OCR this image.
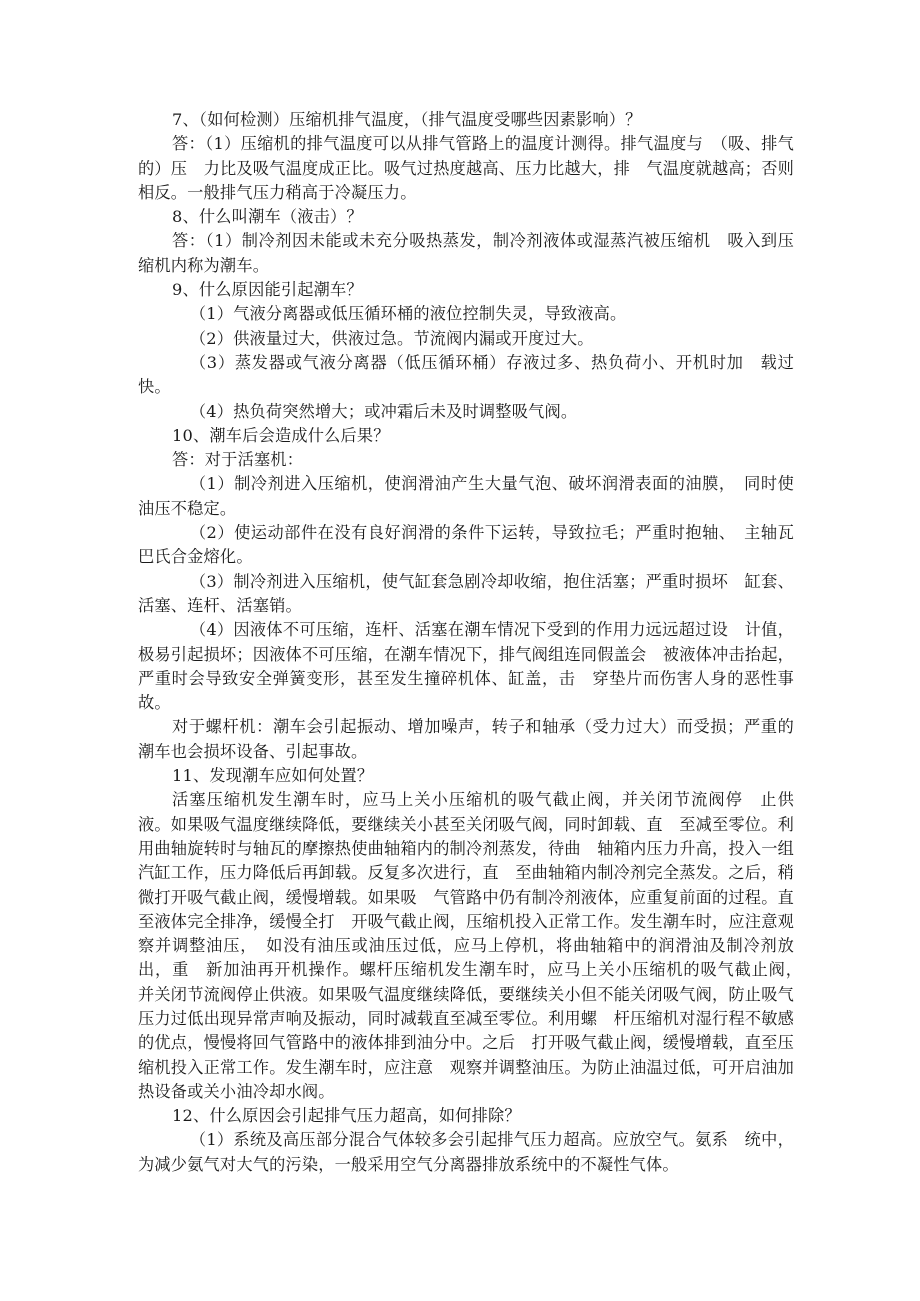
7、（如何检测）压缩机排气温度，（排气温度受哪些因素影响）？

答：（1）压缩机的排气温度可以从排气管路上的温度计测得。排气温度与　（吸、排气的）压　力比及吸气温度成正比。吸气过热度越高、压力比越大，排　气温度就越高；否则相反。一般排气压力稍高于冷凝压力。

8、什么叫潮车（液击）？

答：（1）制冷剂因未能或未充分吸热蒸发，制冷剂液体或湿蒸汽被压缩机　吸入到压缩机内称为潮车。

9、什么原因能引起潮车？

（1）气液分离器或低压循环桶的液位控制失灵，导致液高。

（2）供液量过大，供液过急。节流阀内漏或开度过大。

（3）蒸发器或气液分离器（低压循环桶）存液过多、热负荷小、开机时加　载过快。

（4）热负荷突然增大；或冲霜后未及时调整吸气阀。

10、潮车后会造成什么后果？

答：对于活塞机：

（1）制冷剂进入压缩机，使润滑油产生大量气泡、破坏润滑表面的油膜，　同时使油压不稳定。

（2）使运动部件在没有良好润滑的条件下运转，导致拉毛；严重时抱轴、　主轴瓦巴氏合金熔化。

（3）制冷剂进入压缩机，使气缸套急剧冷却收缩，抱住活塞；严重时损坏　缸套、活塞、连杆、活塞销。

（4）因液体不可压缩，连杆、活塞在潮车情况下受到的作用力远远超过设　计值，极易引起损坏；因液体不可压缩，在潮车情况下，排气阀组连同假盖会　被液体冲击抬起，严重时会导致安全弹簧变形，甚至发生撞碎机体、缸盖，击　穿垫片而伤害人身的恶性事故。

对于螺杆机：潮车会引起振动、增加噪声，转子和轴承（受力过大）而受损；严重的潮车也会损坏设备、引起事故。

11、发现潮车应如何处置？

活塞压缩机发生潮车时，应马上关小压缩机的吸气截止阀，并关闭节流阀停　止供液。如果吸气温度继续降低，要继续关小甚至关闭吸气阀，同时卸载、直　至减至零位。利用曲轴旋转时与轴瓦的摩擦热使曲轴箱内的制冷剂蒸发，待曲　轴箱内压力升高，投入一组汽缸工作，压力降低后再卸载。反复多次进行，直　至曲轴箱内制冷剂完全蒸发。之后，稍微打开吸气截止阀，缓慢增载。如果吸　气管路中仍有制冷剂液体，应重复前面的过程。直至液体完全排净，缓慢全打　开吸气截止阀，压缩机投入正常工作。发生潮车时，应注意观察并调整油压，　如没有油压或油压过低，应马上停机，将曲轴箱中的润滑油及制冷剂放出，重　新加油再开机操作。螺杆压缩机发生潮车时，应马上关小压缩机的吸气截止阀，　并关闭节流阀停止供液。如果吸气温度继续降低，要继续关小但不能关闭吸气阀，防止吸气压力过低出现异常声响及振动，同时减载直至减至零位。利用螺　杆压缩机对湿行程不敏感的优点，慢慢将回气管路中的液体排到油分中。之后　打开吸气截止阀，缓慢增载，直至压缩机投入正常工作。发生潮车时，应注意　观察并调整油压。为防止油温过低，可开启油加热设备或关小油冷却水阀。

12、什么原因会引起排气压力超高，如何排除？

（1）系统及高压部分混合气体较多会引起排气压力超高。应放空气。氨系　统中，为减少氨气对大气的污染，一般采用空气分离器排放系统中的不凝性气体。
